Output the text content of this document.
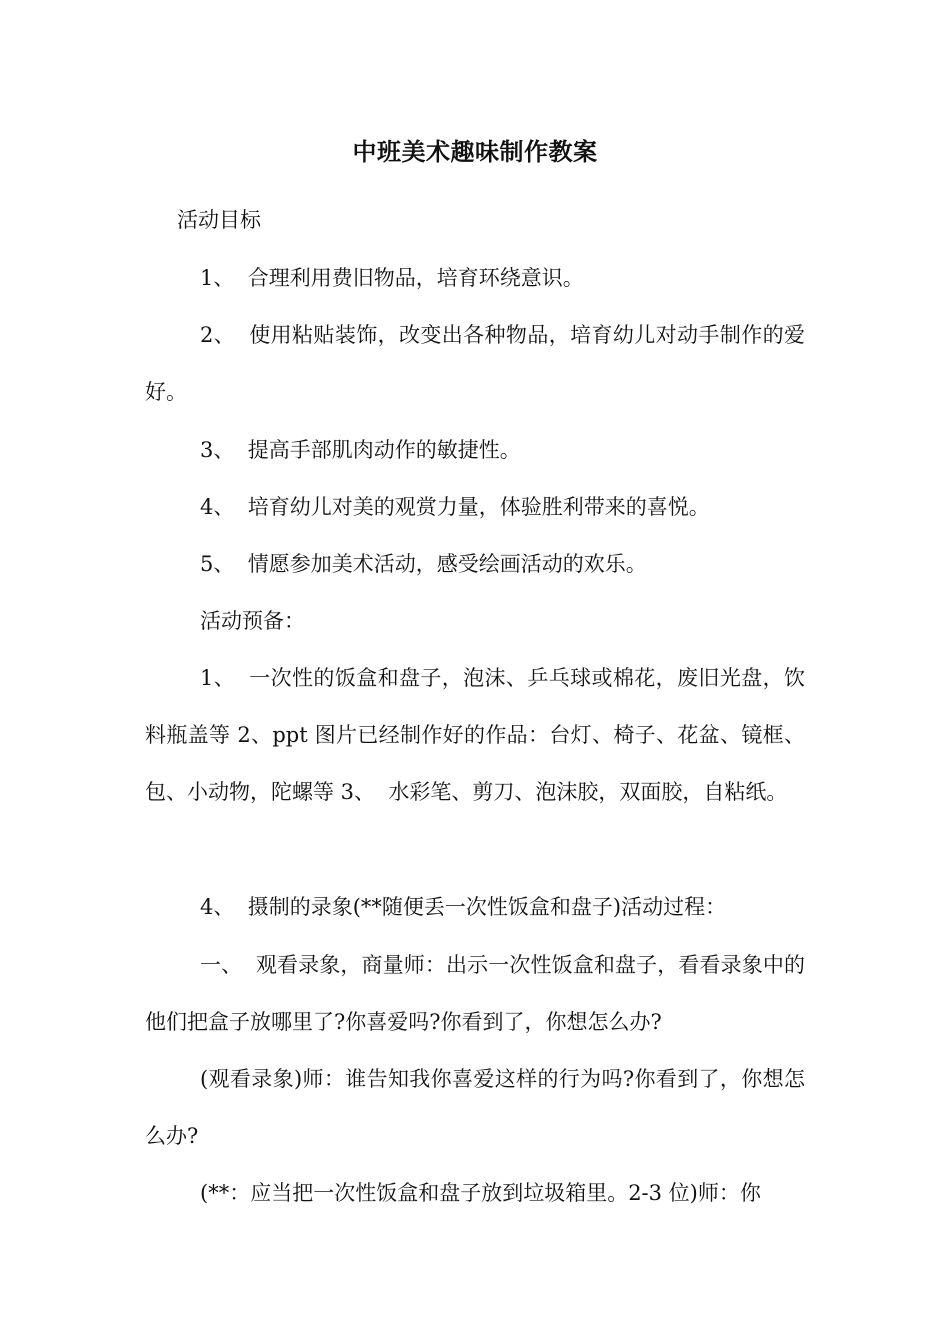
中班美术趣味制作教案
活动目标
1、  合理利用费旧物品，培育环绕意识。
2、  使用粘贴装饰，改变出各种物品，培育幼儿对动手制作的爱好。
3、  提高手部肌肉动作的敏捷性。
4、  培育幼儿对美的观赏力量，体验胜利带来的喜悦。
5、  情愿参加美术活动，感受绘画活动的欢乐。
活动预备：
1、  一次性的饭盒和盘子，泡沫、乒乓球或棉花，废旧光盘，饮料瓶盖等 2、ppt 图片已经制作好的作品：台灯、椅子、花盆、镜框、包、小动物，陀螺等 3、  水彩笔、剪刀、泡沫胶，双面胶，自粘纸。
4、  摄制的录象(**随便丢一次性饭盒和盘子)活动过程：
一、  观看录象，商量师：出示一次性饭盒和盘子，看看录象中的他们把盒子放哪里了?你喜爱吗?你看到了，你想怎么办?
(观看录象)师：谁告知我你喜爱这样的行为吗?你看到了，你想怎么办?
(**：应当把一次性饭盒和盘子放到垃圾箱里。2-3 位)师：你
